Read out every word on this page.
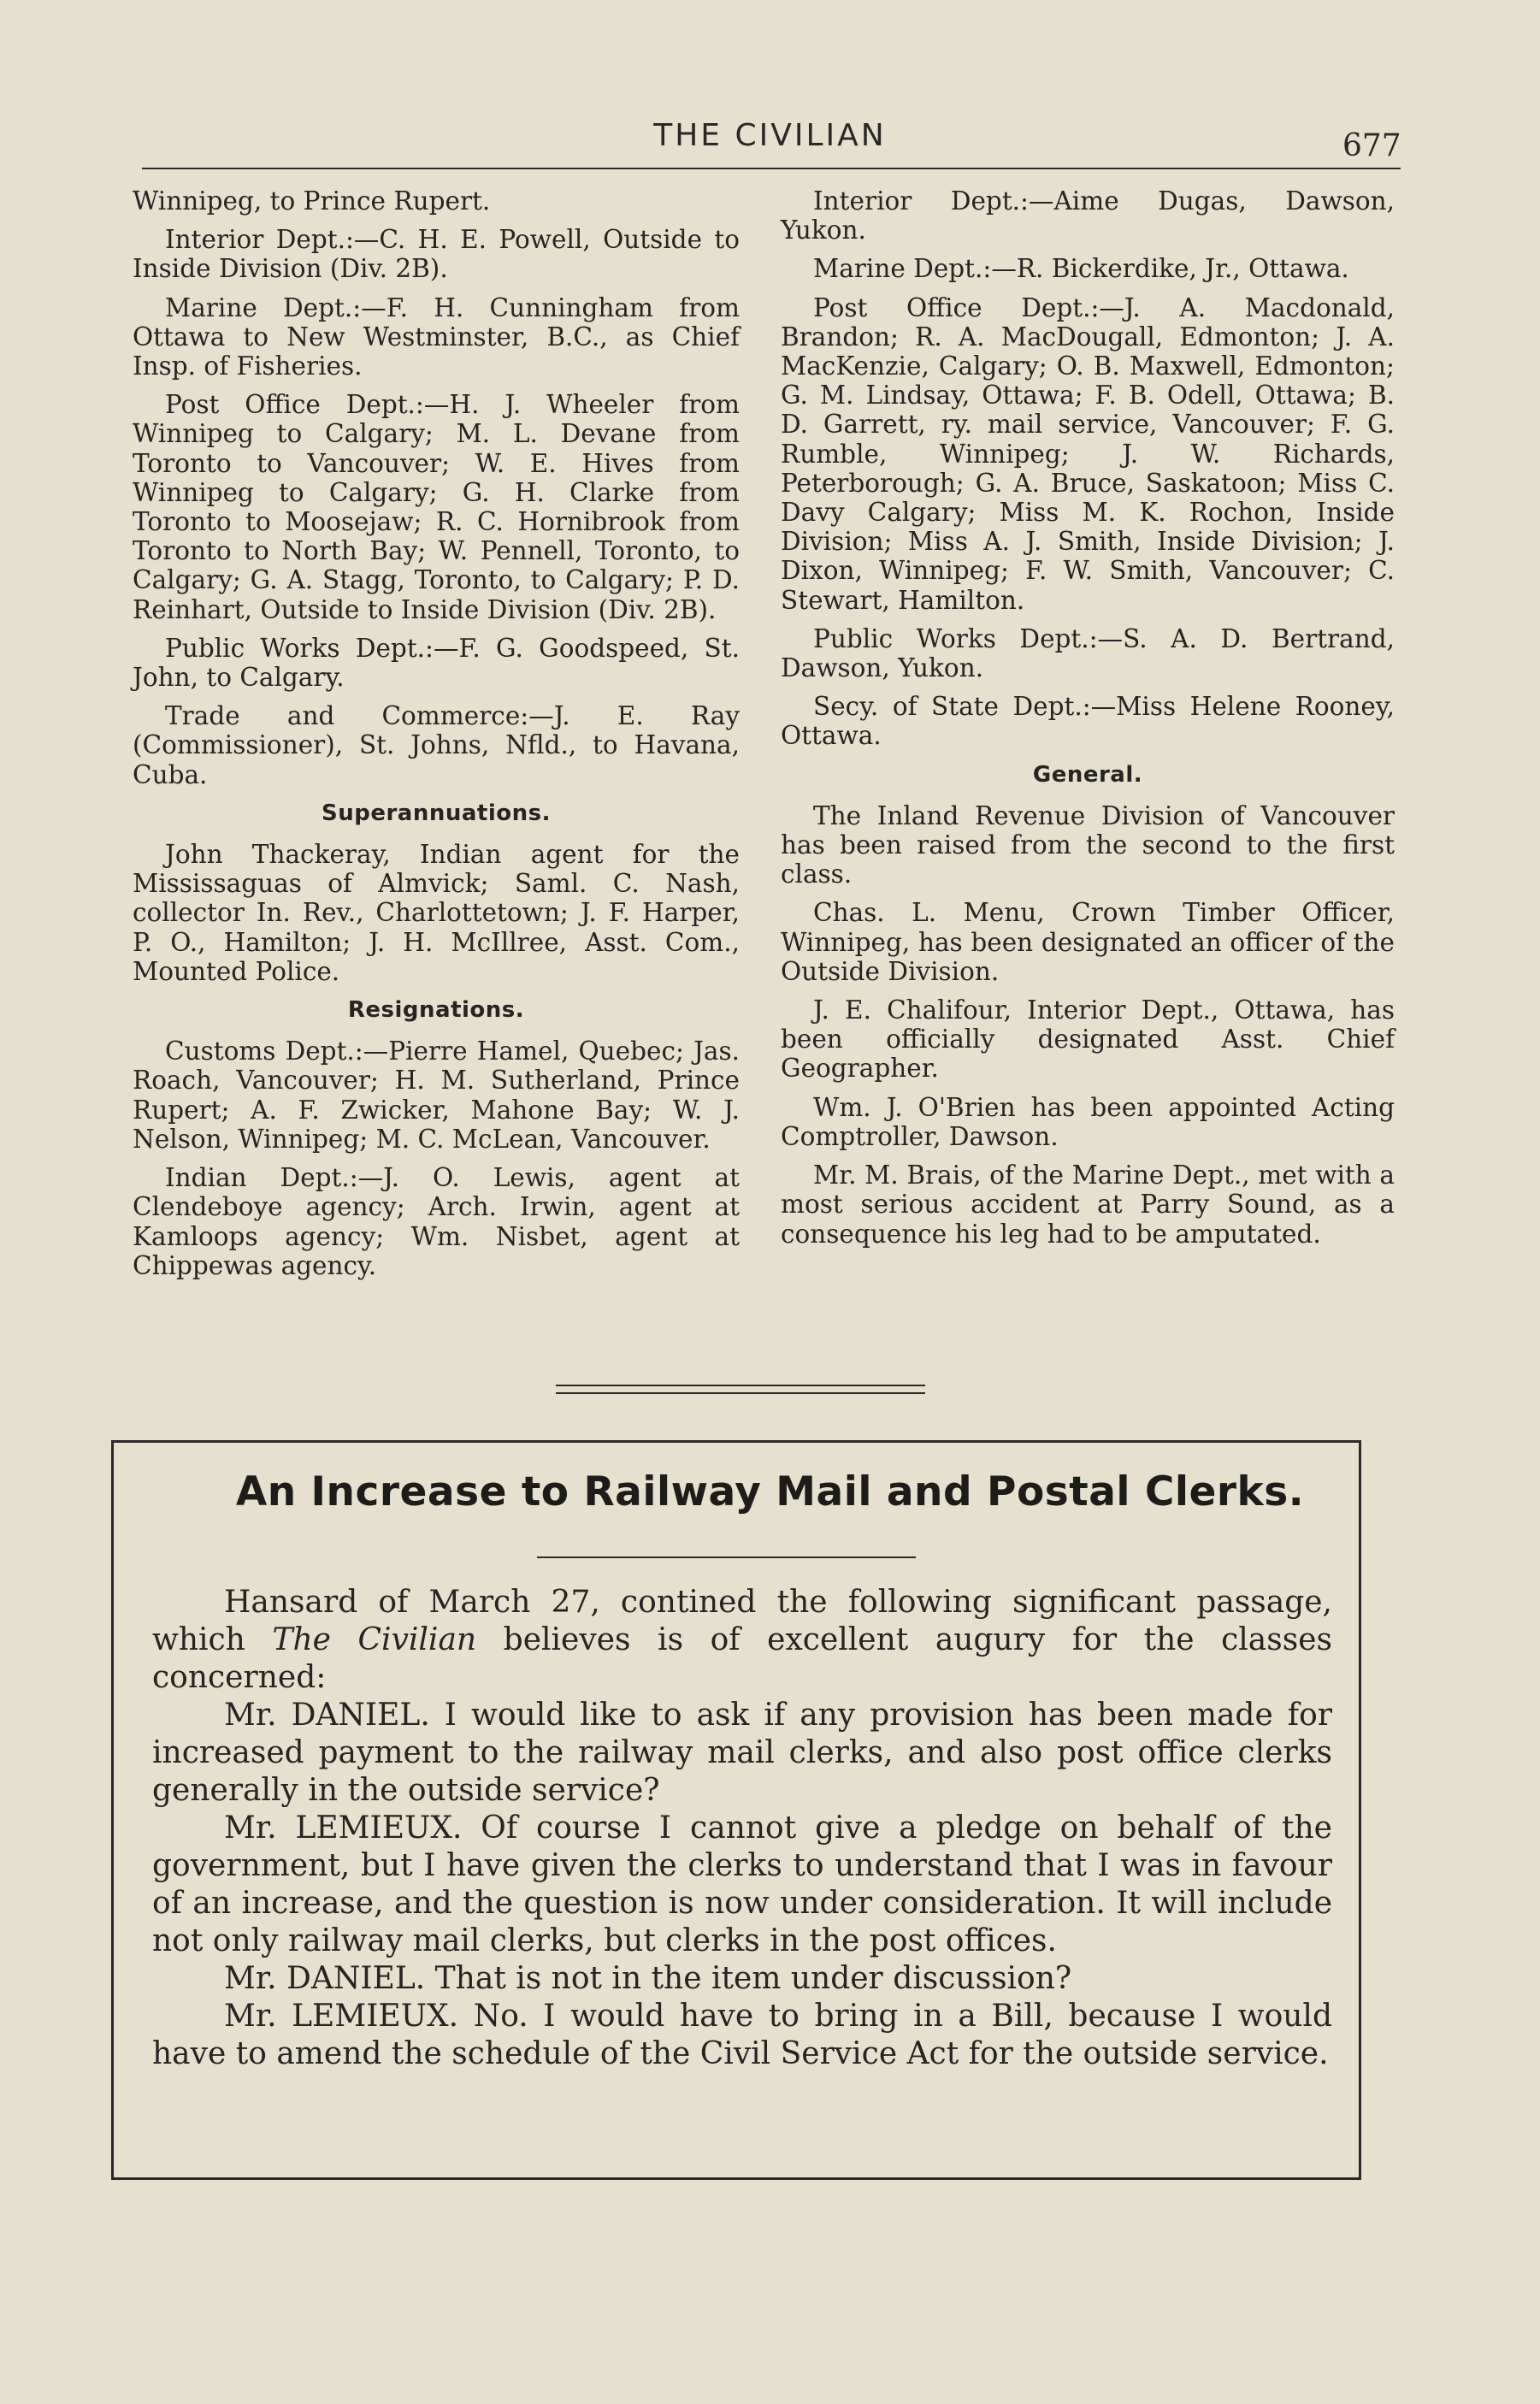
THE CIVILIAN	677

Winnipeg, to Prince Rupert.

Interior Dept.:—C. H. E. Powell, Outside to Inside Division (Div. 2B).

Marine Dept.:—F. H. Cunningham from Ottawa to New Westminster, B.C., as Chief Insp. of Fisheries.

Post Office Dept.:—H. J. Wheeler from Winnipeg to Calgary; M. L. Devane from Toronto to Vancouver; W. E. Hives from Winnipeg to Calgary; G. H. Clarke from Toronto to Moosejaw; R. C. Hornibrook from Toronto to North Bay; W. Pennell, Toronto, to Calgary; G. A. Stagg, Toronto, to Calgary; P. D. Reinhart, Outside to Inside Division (Div. 2B).

Public Works Dept.:—F. G. Goodspeed, St. John, to Calgary.

Trade and Commerce:—J. E. Ray (Commissioner), St. Johns, Nfld., to Havana, Cuba.

Superannuations.

John Thackeray, Indian agent for the Mississaguas of Almvick; Saml. C. Nash, collector In. Rev., Charlottetown; J. F. Harper, P. O., Hamilton; J. H. McIllree, Asst. Com., Mounted Police.

Resignations.

Customs Dept.:—Pierre Hamel, Quebec; Jas. Roach, Vancouver; H. M. Sutherland, Prince Rupert; A. F. Zwicker, Mahone Bay; W. J. Nelson, Winnipeg; M. C. McLean, Vancouver.

Indian Dept.:—J. O. Lewis, agent at Clendeboye agency; Arch. Irwin, agent at Kamloops agency; Wm. Nisbet, agent at Chippewas agency.

Interior Dept.:—Aime Dugas, Dawson, Yukon.

Marine Dept.:—R. Bickerdike, Jr., Ottawa.

Post Office Dept.:—J. A. Macdonald, Brandon; R. A. MacDougall, Edmonton; J. A. MacKenzie, Calgary; O. B. Maxwell, Edmonton; G. M. Lindsay, Ottawa; F. B. Odell, Ottawa; B. D. Garrett, ry. mail service, Vancouver; F. G. Rumble, Winnipeg; J. W. Richards, Peterborough; G. A. Bruce, Saskatoon; Miss C. Davy Calgary; Miss M. K. Rochon, Inside Division; Miss A. J. Smith, Inside Division; J. Dixon, Winnipeg; F. W. Smith, Vancouver; C. Stewart, Hamilton.

Public Works Dept.:—S. A. D. Bertrand, Dawson, Yukon.

Secy. of State Dept.:—Miss Helene Rooney, Ottawa.

General.

The Inland Revenue Division of Vancouver has been raised from the second to the first class.

Chas. L. Menu, Crown Timber Officer, Winnipeg, has been designated an officer of the Outside Division.

J. E. Chalifour, Interior Dept., Ottawa, has been officially designated Asst. Chief Geographer.

Wm. J. O'Brien has been appointed Acting Comptroller, Dawson.

Mr. M. Brais, of the Marine Dept., met with a most serious accident at Parry Sound, as a consequence his leg had to be amputated.

An Increase to Railway Mail and Postal Clerks.

Hansard of March 27, contined the following significant passage, which The Civilian believes is of excellent augury for the classes concerned:

Mr. DANIEL. I would like to ask if any provision has been made for increased payment to the railway mail clerks, and also post office clerks generally in the outside service?

Mr. LEMIEUX. Of course I cannot give a pledge on behalf of the government, but I have given the clerks to understand that I was in favour of an increase, and the question is now under consideration. It will include not only railway mail clerks, but clerks in the post offices.

Mr. DANIEL. That is not in the item under discussion?

Mr. LEMIEUX. No. I would have to bring in a Bill, because I would have to amend the schedule of the Civil Service Act for the outside service.
